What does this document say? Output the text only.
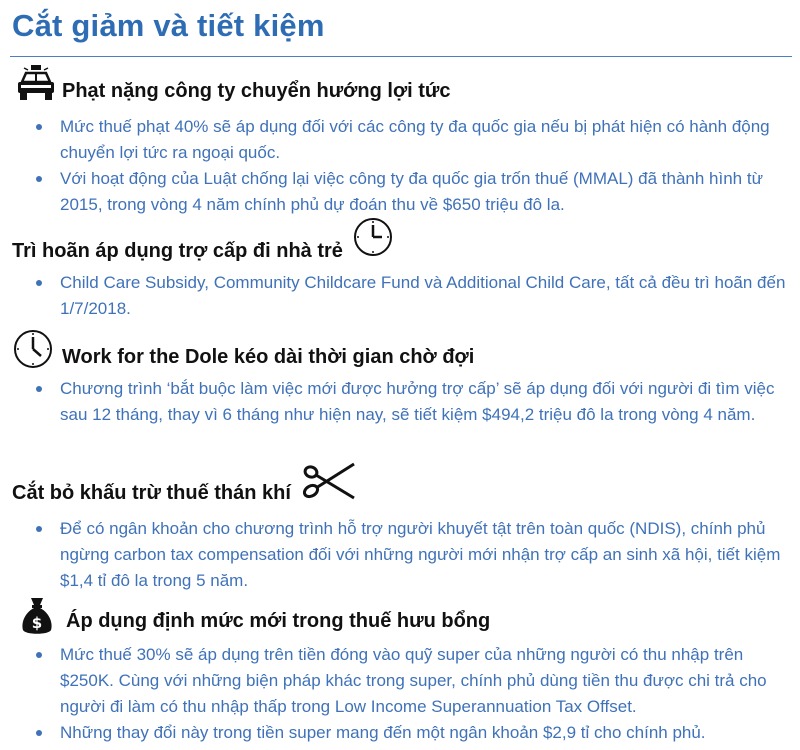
Cắt giảm và tiết kiệm
Phạt nặng công ty chuyển hướng lợi tức
Mức thuế phạt 40% sẽ áp dụng đối với các công ty đa quốc gia nếu bị phát hiện có hành động chuyển lợi tức ra ngoại quốc.
Với hoạt động của Luật chống lại việc công ty đa quốc gia trốn thuế (MMAL) đã thành hình từ 2015, trong vòng 4 năm chính phủ dự đoán thu về $650 triệu đô la.
Trì hoãn áp dụng trợ cấp đi nhà trẻ
Child Care Subsidy, Community Childcare Fund và Additional Child Care, tất cả đều trì hoãn đến 1/7/2018.
Work for the Dole kéo dài thời gian chờ đợi
Chương trình ‘bắt buộc làm việc mới được hưởng trợ cấp’ sẽ áp dụng đối với người đi tìm việc sau 12 tháng, thay vì 6 tháng như hiện nay, sẽ tiết kiệm $494,2 triệu đô la trong vòng 4 năm.
Cắt bỏ khấu trừ thuế thán khí
Để có ngân khoản cho chương trình hỗ trợ người khuyết tật trên toàn quốc (NDIS), chính phủ ngừng carbon tax compensation đối với những người mới nhận trợ cấp an sinh xã hội, tiết kiệm $1,4 tỉ đô la trong 5 năm.
$ Áp dụng định mức mới trong thuế hưu bổng
Mức thuế 30% sẽ áp dụng trên tiền đóng vào quỹ super của những người có thu nhập trên $250K. Cùng với những biện pháp khác trong super, chính phủ dùng tiền thu được chi trả cho người đi làm có thu nhập thấp trong Low Income Superannuation Tax Offset.
Những thay đổi này trong tiền super mang đến một ngân khoản $2,9 tỉ cho chính phủ.
